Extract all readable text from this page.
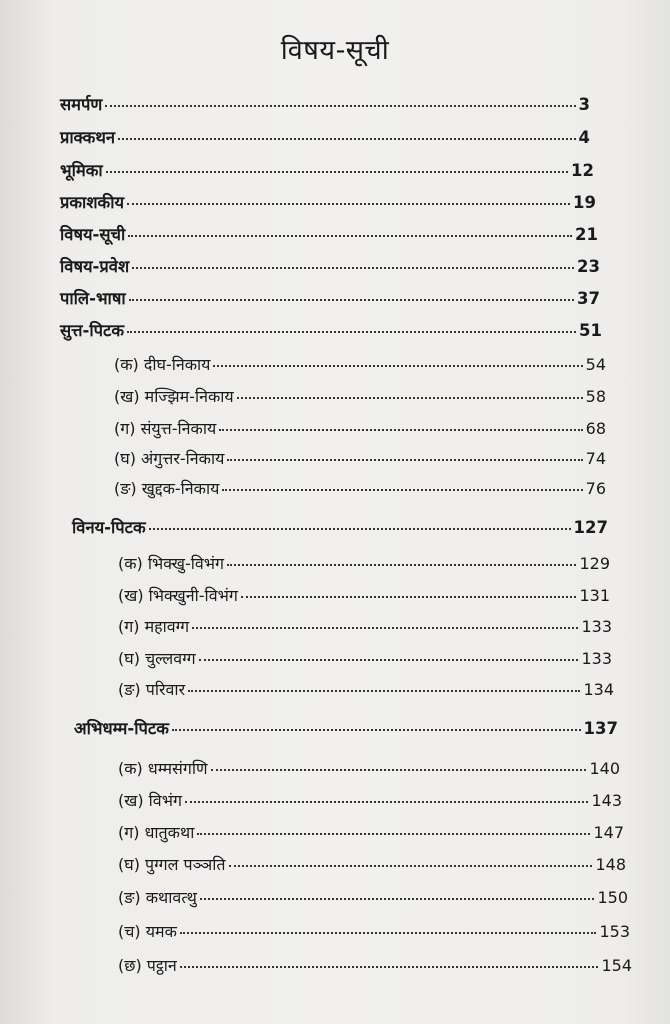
विषय-सूची
समर्पण	3
प्राक्कथन	4
भूमिका	12
प्रकाशकीय	19
विषय-सूची	21
विषय-प्रवेश	23
पालि-भाषा	37
सुत्त-पिटक	51
(क) दीघ-निकाय	54
(ख) मज्झिम-निकाय	58
(ग) संयुत्त-निकाय	68
(घ) अंगुत्तर-निकाय	74
(ङ) खुद्दक-निकाय	76
विनय-पिटक	127
(क) भिक्खु-विभंग	129
(ख) भिक्खुनी-विभंग	131
(ग) महावग्ग	133
(घ) चुल्लवग्ग	133
(ङ) परिवार	134
अभिधम्म-पिटक	137
(क) धम्मसंगणि	140
(ख) विभंग	143
(ग) धातुकथा	147
(घ) पुग्गल पञ्ञति	148
(ङ) कथावत्थु	150
(च) यमक	153
(छ) पट्ठान	154
